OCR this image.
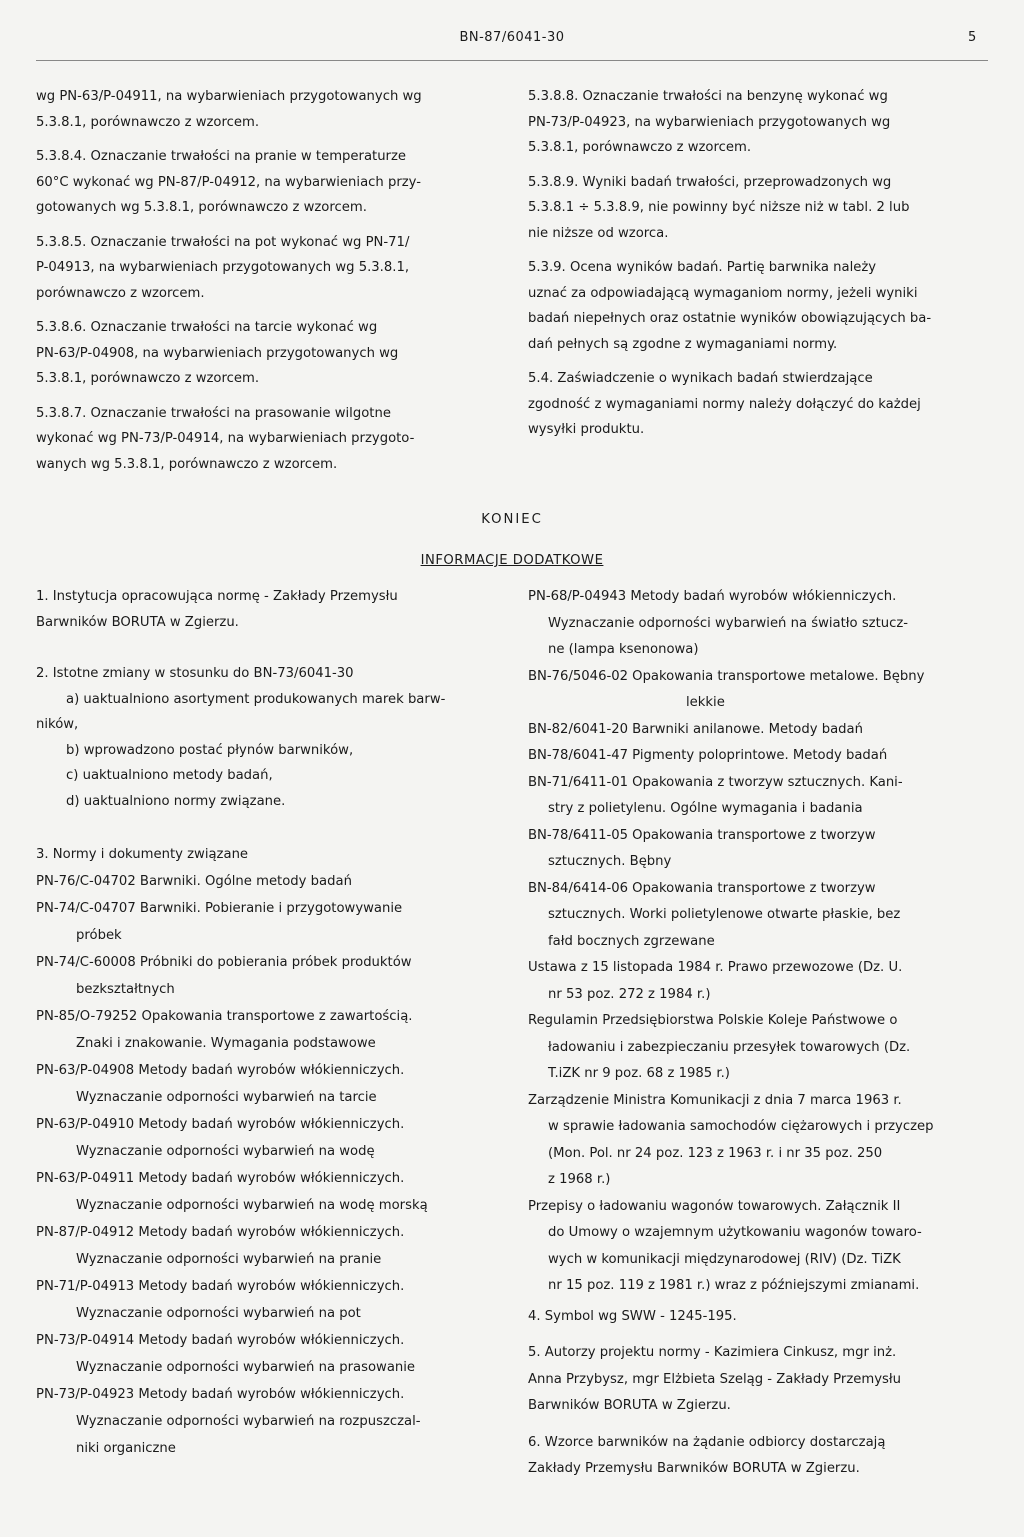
BN-87/6041-30	5
wg PN-63/P-04911, na wybarwieniach przygotowanych wg
5.3.8.1, porównawczo z wzorcem.
5.3.8.4. Oznaczanie trwałości na pranie w temperaturze
60°C wykonać wg PN-87/P-04912, na wybarwieniach przy-
gotowanych wg 5.3.8.1, porównawczo z wzorcem.
5.3.8.5. Oznaczanie trwałości na pot wykonać wg PN-71/
P-04913, na wybarwieniach przygotowanych wg 5.3.8.1,
porównawczo z wzorcem.
5.3.8.6. Oznaczanie trwałości na tarcie wykonać wg
PN-63/P-04908, na wybarwieniach przygotowanych wg
5.3.8.1, porównawczo z wzorcem.
5.3.8.7. Oznaczanie trwałości na prasowanie wilgotne
wykonać wg PN-73/P-04914, na wybarwieniach przygoto-
wanych wg 5.3.8.1, porównawczo z wzorcem.
5.3.8.8. Oznaczanie trwałości na benzynę wykonać wg
PN-73/P-04923, na wybarwieniach przygotowanych wg
5.3.8.1, porównawczo z wzorcem.
5.3.8.9. Wyniki badań trwałości, przeprowadzonych wg
5.3.8.1 ÷ 5.3.8.9, nie powinny być niższe niż w tabl. 2 lub
nie niższe od wzorca.
5.3.9. Ocena wyników badań. Partię barwnika należy
uznać za odpowiadającą wymaganiom normy, jeżeli wyniki
badań niepełnych oraz ostatnie wyników obowiązujących ba-
dań pełnych są zgodne z wymaganiami normy.
5.4. Zaświadczenie o wynikach badań stwierdzające
zgodność z wymaganiami normy należy dołączyć do każdej
wysyłki produktu.
KONIEC
INFORMACJE DODATKOWE
1. Instytucja opracowująca normę - Zakłady Przemysłu
Barwników BORUTA w Zgierzu.
2. Istotne zmiany w stosunku do BN-73/6041-30
a) uaktualniono asortyment produkowanych marek barw-
ników,
b) wprowadzono postać płynów barwników,
c) uaktualniono metody badań,
d) uaktualniono normy związane.
3. Normy i dokumenty związane
PN-76/C-04702 Barwniki. Ogólne metody badań
PN-74/C-04707 Barwniki. Pobieranie i przygotowywanie
próbek
PN-74/C-60008 Próbniki do pobierania próbek produktów
bezkształtnych
PN-85/O-79252 Opakowania transportowe z zawartością.
Znaki i znakowanie. Wymagania podstawowe
PN-63/P-04908 Metody badań wyrobów włókienniczych.
Wyznaczanie odporności wybarwień na tarcie
PN-63/P-04910 Metody badań wyrobów włókienniczych.
Wyznaczanie odporności wybarwień na wodę
PN-63/P-04911 Metody badań wyrobów włókienniczych.
Wyznaczanie odporności wybarwień na wodę morską
PN-87/P-04912 Metody badań wyrobów włókienniczych.
Wyznaczanie odporności wybarwień na pranie
PN-71/P-04913 Metody badań wyrobów włókienniczych.
Wyznaczanie odporności wybarwień na pot
PN-73/P-04914 Metody badań wyrobów włókienniczych.
Wyznaczanie odporności wybarwień na prasowanie
PN-73/P-04923 Metody badań wyrobów włókienniczych.
Wyznaczanie odporności wybarwień na rozpuszczal-
niki organiczne
PN-68/P-04943 Metody badań wyrobów włókienniczych.
Wyznaczanie odporności wybarwień na światło sztucz-
ne (lampa ksenonowa)
BN-76/5046-02 Opakowania transportowe metalowe. Bębny
lekkie
BN-82/6041-20 Barwniki anilanowe. Metody badań
BN-78/6041-47 Pigmenty poloprintowe. Metody badań
BN-71/6411-01 Opakowania z tworzyw sztucznych. Kani-
stry z polietylenu. Ogólne wymagania i badania
BN-78/6411-05 Opakowania transportowe z tworzyw
sztucznych. Bębny
BN-84/6414-06 Opakowania transportowe z tworzyw
sztucznych. Worki polietylenowe otwarte płaskie, bez
fałd bocznych zgrzewane
Ustawa z 15 listopada 1984 r. Prawo przewozowe (Dz. U.
nr 53 poz. 272 z 1984 r.)
Regulamin Przedsiębiorstwa Polskie Koleje Państwowe o
ładowaniu i zabezpieczaniu przesyłek towarowych (Dz.
T.iZK nr 9 poz. 68 z 1985 r.)
Zarządzenie Ministra Komunikacji z dnia 7 marca 1963 r.
w sprawie ładowania samochodów ciężarowych i przyczep
(Mon. Pol. nr 24 poz. 123 z 1963 r. i nr 35 poz. 250
z 1968 r.)
Przepisy o ładowaniu wagonów towarowych. Załącznik II
do Umowy o wzajemnym użytkowaniu wagonów towaro-
wych w komunikacji międzynarodowej (RIV) (Dz. TiZK
nr 15 poz. 119 z 1981 r.) wraz z późniejszymi zmianami.
4. Symbol wg SWW - 1245-195.
5. Autorzy projektu normy - Kazimiera Cinkusz, mgr inż.
Anna Przybysz, mgr Elżbieta Szeląg - Zakłady Przemysłu
Barwników BORUTA w Zgierzu.
6. Wzorce barwników na żądanie odbiorcy dostarczają
Zakłady Przemysłu Barwników BORUTA w Zgierzu.
